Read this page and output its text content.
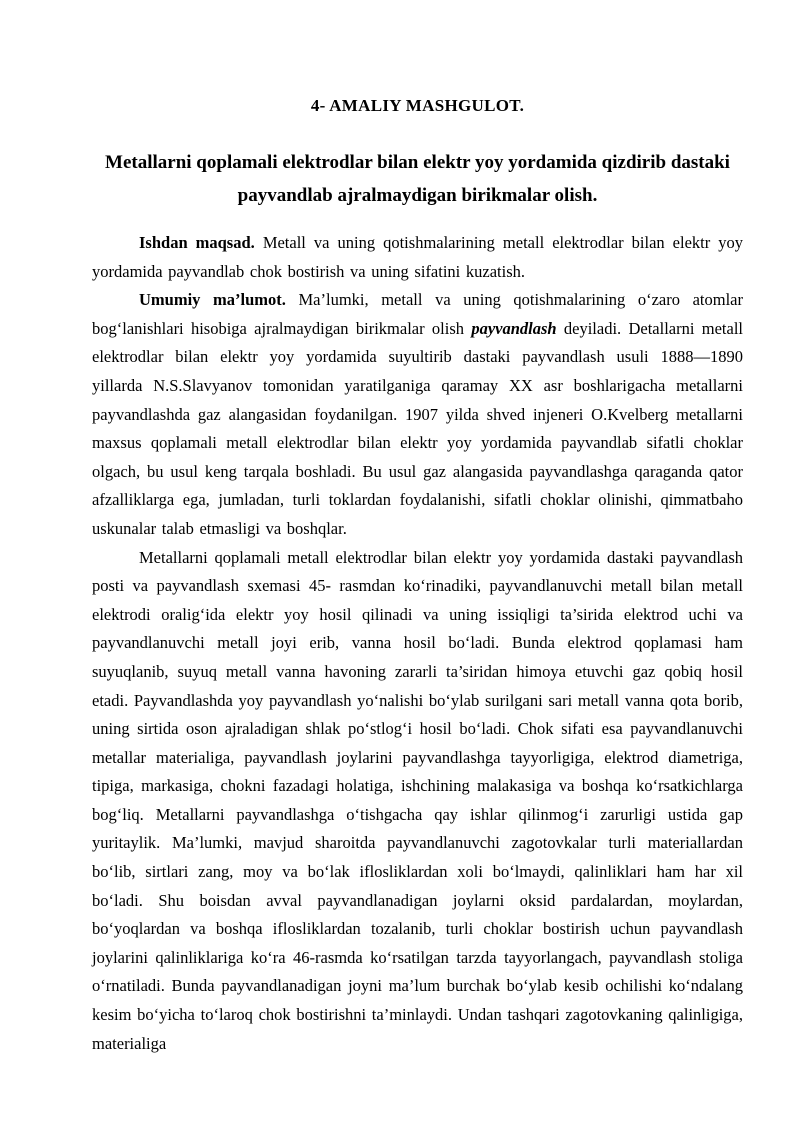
4- AMALIY MASHGULOT.
Metallarni qoplamali elektrodlar bilan elektr yoy yordamida qizdirib dastaki
payvandlab ajralmaydigan birikmalar olish.

Ishdan maqsad. Metall va uning qotishmalarining metall elektrodlar bilan elektr yoy yordamida payvandlab chok bostirish va uning sifatini kuzatish.

Umumiy ma’lumot. Ma’lumki, metall va uning qotishmalarining o‘zaro atomlar bog‘lanishlari hisobiga ajralmaydigan birikmalar olish payvandlash deyiladi. Detallarni metall elektrodlar bilan elektr yoy yordamida suyultirib dastaki payvandlash usuli 1888—1890 yillarda N.S.Slavyanov tomonidan yaratilganiga qaramay XX asr boshlarigacha metallarni payvandlashda gaz alangasidan foydanilgan. 1907 yilda shved injeneri O.Kvelberg metallarni maxsus qoplamali metall elektrodlar bilan elektr yoy yordamida payvandlab sifatli choklar olgach, bu usul keng tarqala boshladi. Bu usul gaz alangasida payvandlashga qaraganda qator afzalliklarga ega, jumladan, turli toklardan foydalanishi, sifatli choklar olinishi, qimmatbaho uskunalar talab etmasligi va boshqlar.

Metallarni qoplamali metall elektrodlar bilan elektr yoy yordamida dastaki payvandlash posti va payvandlash sxemasi 45- rasmdan ko‘rinadiki, payvandlanuvchi metall bilan metall elektrodi oralig‘ida elektr yoy hosil qilinadi va uning issiqligi ta’sirida elektrod uchi va payvandlanuvchi metall joyi erib, vanna hosil bo‘ladi. Bunda elektrod qoplamasi ham suyuqlanib, suyuq metall vanna havoning zararli ta’siridan himoya etuvchi gaz qobiq hosil etadi. Payvandlashda yoy payvandlash yo‘nalishi bo‘ylab surilgani sari metall vanna qota borib, uning sirtida oson ajraladigan shlak po‘stlog‘i hosil bo‘ladi. Chok sifati esa payvandlanuvchi metallar materialiga, payvandlash joylarini payvandlashga tayyorligiga, elektrod diametriga, tipiga, markasiga, chokni fazadagi holatiga, ishchining malakasiga va boshqa ko‘rsatkichlarga bog‘liq. Metallarni payvandlashga o‘tishgacha qay ishlar qilinmog‘i zarurligi ustida gap yuritaylik. Ma’lumki, mavjud sharoitda payvandlanuvchi zagotovkalar turli materiallardan bo‘lib, sirtlari zang, moy va bo‘lak iflosliklardan xoli bo‘lmaydi, qalinliklari ham har xil bo‘ladi. Shu boisdan avval payvandlanadigan joylarni oksid pardalardan, moylardan, bo‘yoqlardan va boshqa iflosliklardan tozalanib, turli choklar bostirish uchun payvandlash joylarini qalinliklariga ko‘ra 46-rasmda ko‘rsatilgan tarzda tayyorlangach, payvandlash stoliga o‘rnatiladi. Bunda payvandlanadigan joyni ma’lum burchak bo‘ylab kesib ochilishi ko‘ndalang kesim bo‘yicha to‘laroq chok bostirishni ta’minlaydi. Undan tashqari zagotovkaning qalinligiga, materialiga
